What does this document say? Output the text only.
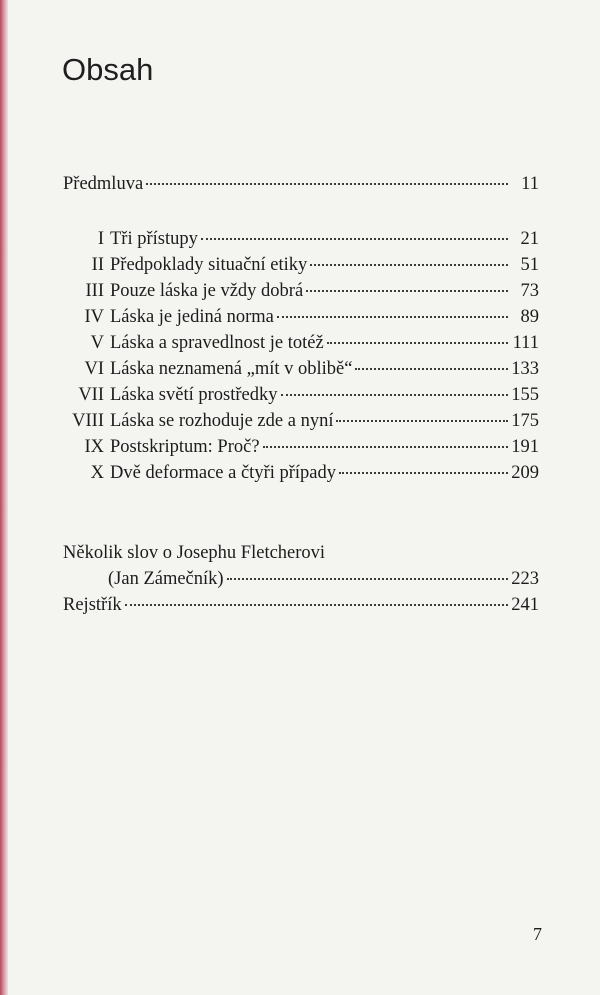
Obsah
Předmluva	11
I Tři přístupy	21
II Předpoklady situační etiky	51
III Pouze láska je vždy dobrá	73
IV Láska je jediná norma	89
V Láska a spravedlnost je totéž	111
VI Láska neznamená „mít v oblibě“	133
VII Láska světí prostředky	155
VIII Láska se rozhoduje zde a nyní	175
IX Postskriptum: Proč?	191
X Dvě deformace a čtyři případy	209
Několik slov o Josephu Fletcherovi
(Jan Zámečník)	223
Rejstřík	241
7
